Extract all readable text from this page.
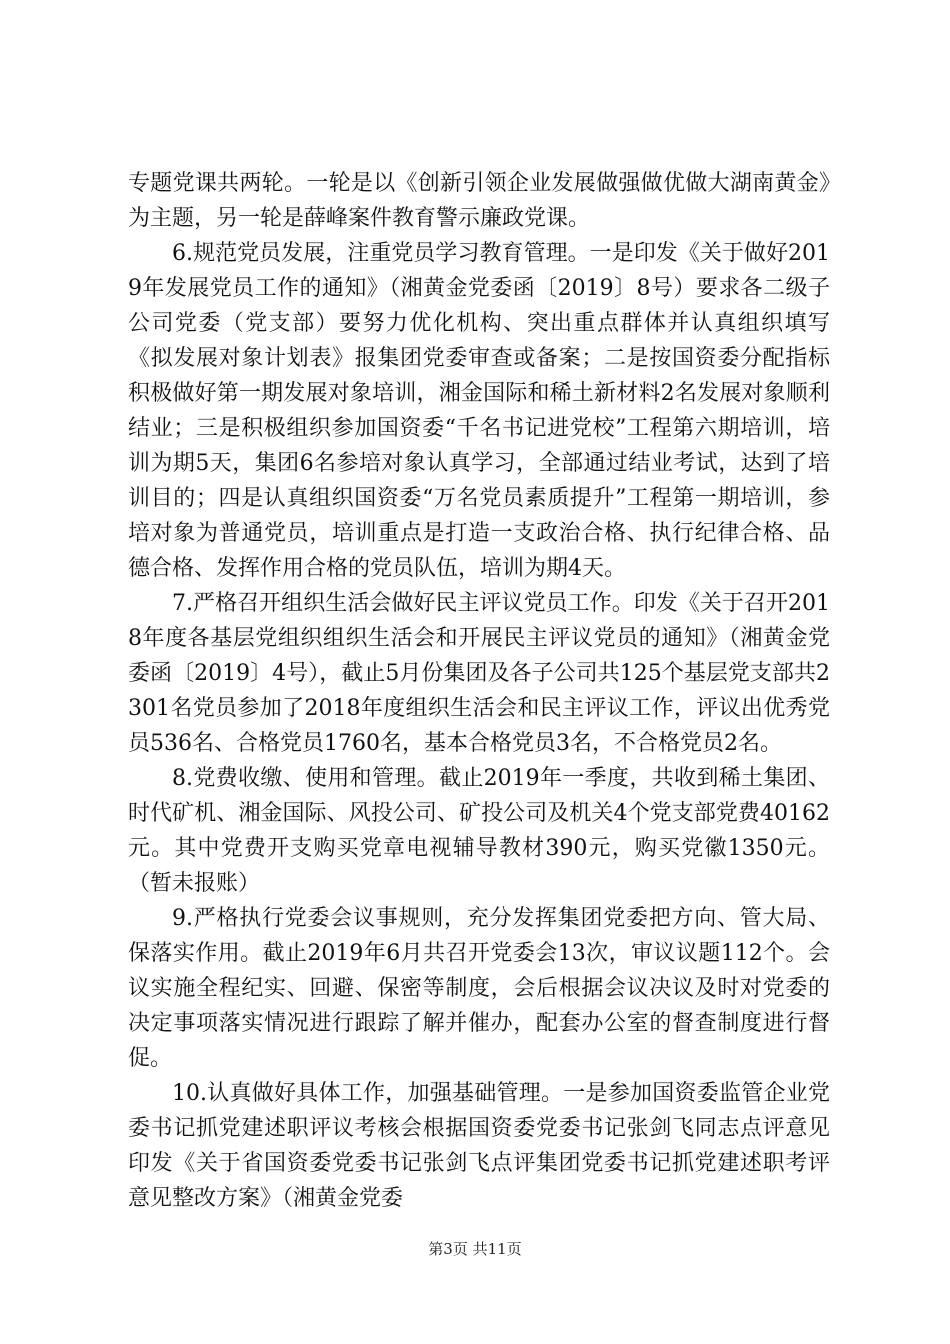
专题党课共两轮。一轮是以《创新引领企业发展做强做优做大湖南黄金》为主题，另一轮是薛峰案件教育警示廉政党课。

6.规范党员发展，注重党员学习教育管理。一是印发《关于做好2019年发展党员工作的通知》（湘黄金党委函〔2019〕8号）要求各二级子公司党委（党支部）要努力优化机构、突出重点群体并认真组织填写《拟发展对象计划表》报集团党委审查或备案；二是按国资委分配指标积极做好第一期发展对象培训，湘金国际和稀土新材料2名发展对象顺利结业；三是积极组织参加国资委“千名书记进党校”工程第六期培训，培训为期5天，集团6名参培对象认真学习，全部通过结业考试，达到了培训目的；四是认真组织国资委“万名党员素质提升”工程第一期培训，参培对象为普通党员，培训重点是打造一支政治合格、执行纪律合格、品德合格、发挥作用合格的党员队伍，培训为期4天。

7.严格召开组织生活会做好民主评议党员工作。印发《关于召开2018年度各基层党组织组织生活会和开展民主评议党员的通知》（湘黄金党委函〔2019〕4号），截止5月份集团及各子公司共125个基层党支部共2301名党员参加了2018年度组织生活会和民主评议工作，评议出优秀党员536名、合格党员1760名，基本合格党员3名，不合格党员2名。

8.党费收缴、使用和管理。截止2019年一季度，共收到稀土集团、时代矿机、湘金国际、风投公司、矿投公司及机关4个党支部党费40162元。其中党费开支购买党章电视辅导教材390元，购买党徽1350元。（暂未报账）

9.严格执行党委会议事规则，充分发挥集团党委把方向、管大局、保落实作用。截止2019年6月共召开党委会13次，审议议题112个。会议实施全程纪实、回避、保密等制度，会后根据会议决议及时对党委的决定事项落实情况进行跟踪了解并催办，配套办公室的督查制度进行督促。

10.认真做好具体工作，加强基础管理。一是参加国资委监管企业党委书记抓党建述职评议考核会根据国资委党委书记张剑飞同志点评意见印发《关于省国资委党委书记张剑飞点评集团党委书记抓党建述职考评意见整改方案》（湘黄金党委

第3页 共11页
